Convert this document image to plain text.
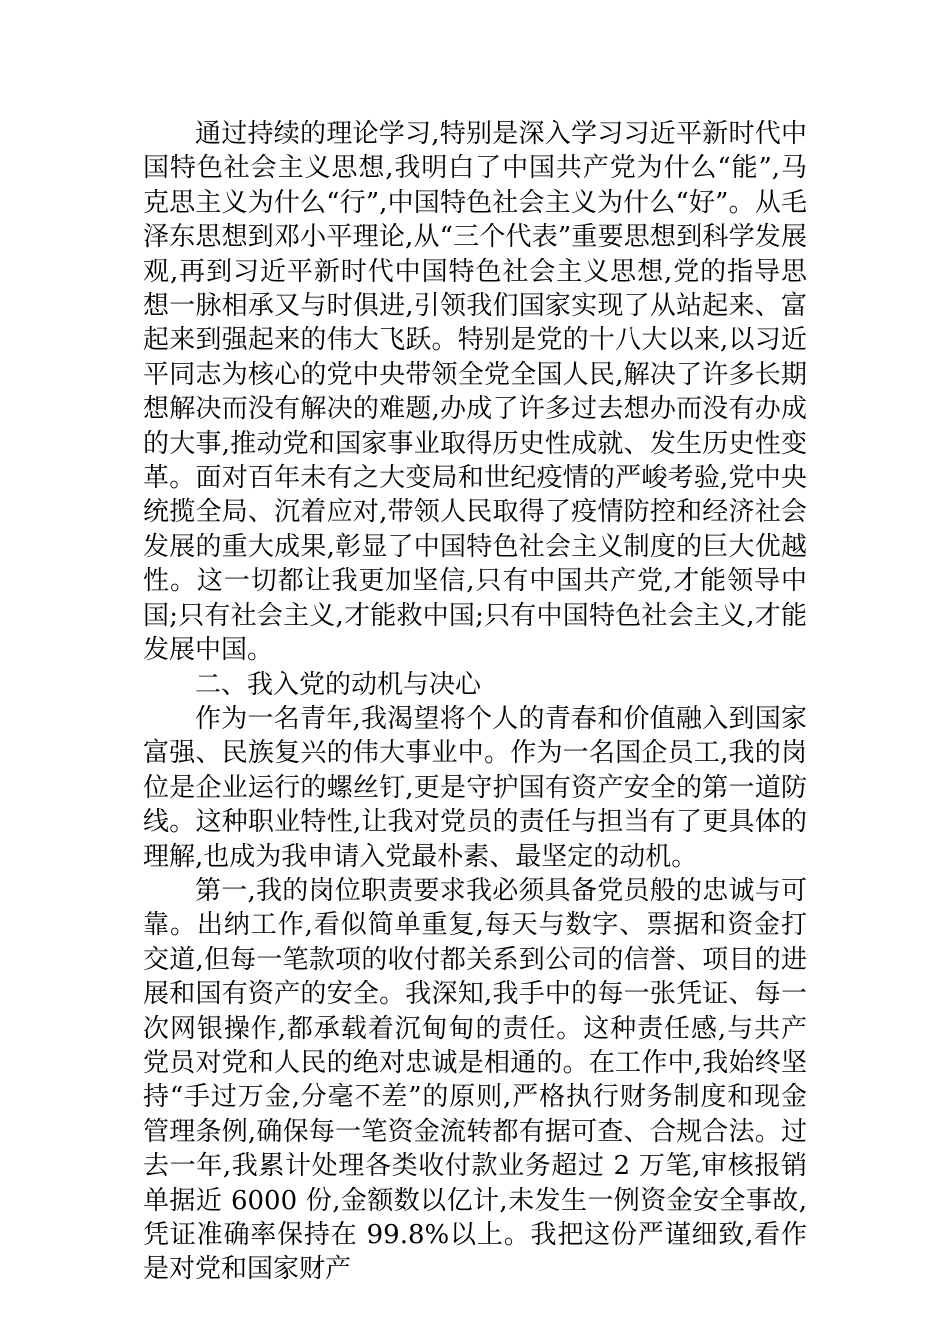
通过持续的理论学习,特别是深入学习习近平新时代中国特色社会主义思想,我明白了中国共产党为什么“能”,马克思主义为什么“行”,中国特色社会主义为什么“好”。从毛泽东思想到邓小平理论,从“三个代表”重要思想到科学发展观,再到习近平新时代中国特色社会主义思想,党的指导思想一脉相承又与时俱进,引领我们国家实现了从站起来、富起来到强起来的伟大飞跃。特别是党的十八大以来,以习近平同志为核心的党中央带领全党全国人民,解决了许多长期想解决而没有解决的难题,办成了许多过去想办而没有办成的大事,推动党和国家事业取得历史性成就、发生历史性变革。面对百年未有之大变局和世纪疫情的严峻考验,党中央统揽全局、沉着应对,带领人民取得了疫情防控和经济社会发展的重大成果,彰显了中国特色社会主义制度的巨大优越性。这一切都让我更加坚信,只有中国共产党,才能领导中国;只有社会主义,才能救中国;只有中国特色社会主义,才能发展中国。

二、我入党的动机与决心

作为一名青年,我渴望将个人的青春和价值融入到国家富强、民族复兴的伟大事业中。作为一名国企员工,我的岗位是企业运行的螺丝钉,更是守护国有资产安全的第一道防线。这种职业特性,让我对党员的责任与担当有了更具体的理解,也成为我申请入党最朴素、最坚定的动机。

第一,我的岗位职责要求我必须具备党员般的忠诚与可靠。出纳工作,看似简单重复,每天与数字、票据和资金打交道,但每一笔款项的收付都关系到公司的信誉、项目的进展和国有资产的安全。我深知,我手中的每一张凭证、每一次网银操作,都承载着沉甸甸的责任。这种责任感,与共产党员对党和人民的绝对忠诚是相通的。在工作中,我始终坚持“手过万金,分毫不差”的原则,严格执行财务制度和现金管理条例,确保每一笔资金流转都有据可查、合规合法。过去一年,我累计处理各类收付款业务超过 2 万笔,审核报销单据近 6000 份,金额数以亿计,未发生一例资金安全事故,凭证准确率保持在 99.8%以上。我把这份严谨细致,看作是对党和国家财产
